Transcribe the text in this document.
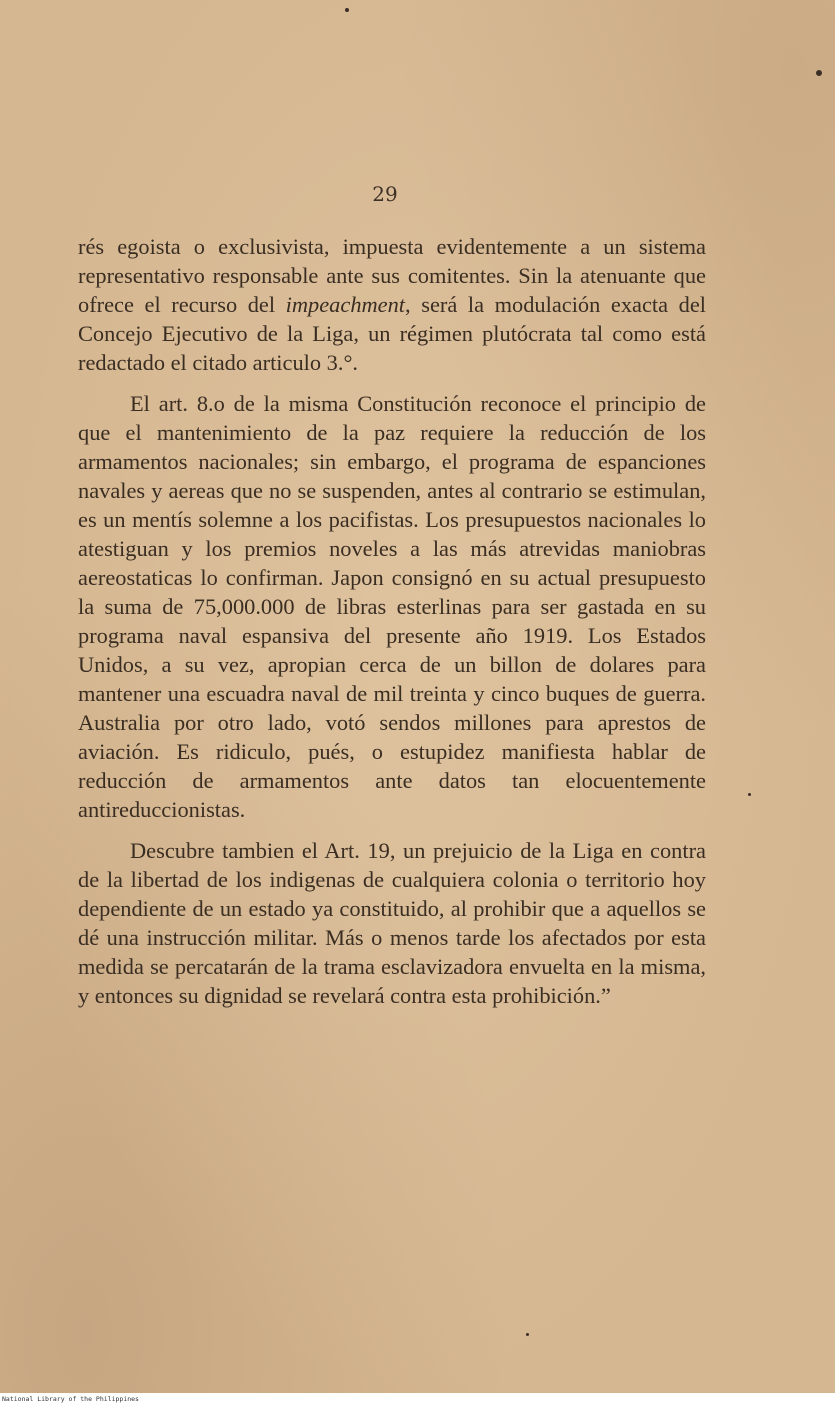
29

rés egoista o exclusivista, impuesta evidentemente a un sistema representativo responsable ante sus comitentes. Sin la atenuante que ofrece el recurso del impeachment, será la modulación exacta del Concejo Ejecutivo de la Liga, un régimen plutócrata tal como está redactado el citado articulo 3.°.

El art. 8.o de la misma Constitución reconoce el principio de que el mantenimiento de la paz requiere la reducción de los armamentos nacionales; sin embargo, el programa de espanciones navales y aereas que no se suspenden, antes al contrario se estimulan, es un mentís solemne a los pacifistas. Los presupuestos nacionales lo atestiguan y los premios noveles a las más atrevidas maniobras aereostaticas lo confirman. Japon consignó en su actual presupuesto la suma de 75,000.000 de libras esterlinas para ser gastada en su programa naval espansiva del presente año 1919. Los Estados Unidos, a su vez, apropian cerca de un billon de dolares para mantener una escuadra naval de mil treinta y cinco buques de guerra. Australia por otro lado, votó sendos millones para aprestos de aviación. Es ridiculo, pués, o estupidez manifiesta hablar de reducción de armamentos ante datos tan elocuentemente antireduccionistas.

Descubre tambien el Art. 19, un prejuicio de la Liga en contra de la libertad de los indigenas de cualquiera colonia o territorio hoy dependiente de un estado ya constituido, al prohibir que a aquellos se dé una instrucción militar. Más o menos tarde los afectados por esta medida se percatarán de la trama esclavizadora envuelta en la misma, y entonces su dignidad se revelará contra esta prohibición.”

National Library of the Philippines
